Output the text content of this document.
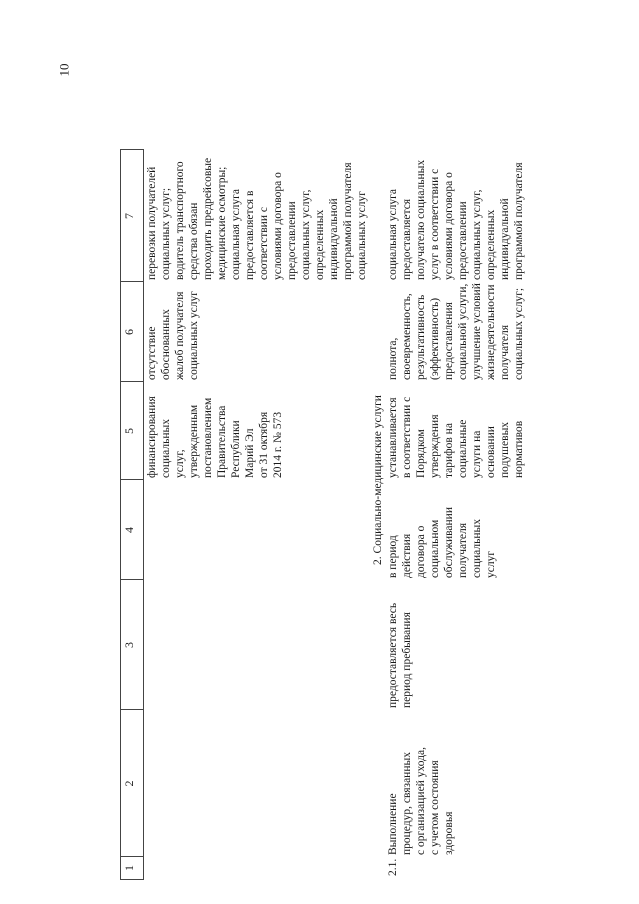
10
1
2
3
4
5
6
7
финансирования социальных услуг, утвержденным постановлением Правительства Республики Марий Эл от 31 октября 2014 г. № 573
отсутствие обоснованных жалоб получателя социальных услуг
перевозки получателей социальных услуг; водитель транспортного средства обязан проходить предрейсовые медицинские осмотры; социальная услуга предоставляется в соответствии с условиями договора о предоставлении социальных услуг, определенных индивидуальной программой получателя социальных услуг
2. Социально-медицинские услуги
2.1.
Выполнение процедур, связанных с организацией ухода, с учетом состояния здоровья
предоставляется весь период пребывания
в период действия договора о социальном обслуживании получателя социальных услуг
устанавливается в соответствии с Порядком утверждения тарифов на социальные услуги на основании подушевых нормативов
полнота, своевременность, результативность (эффективность) предоставления социальной услуги, улучшение условий жизнедеятельности получателя социальных услуг;
социальная услуга предоставляется получателю социальных услуг в соответствии с условиями договора о предоставлении социальных услуг, определенных индивидуальной программой получателя
